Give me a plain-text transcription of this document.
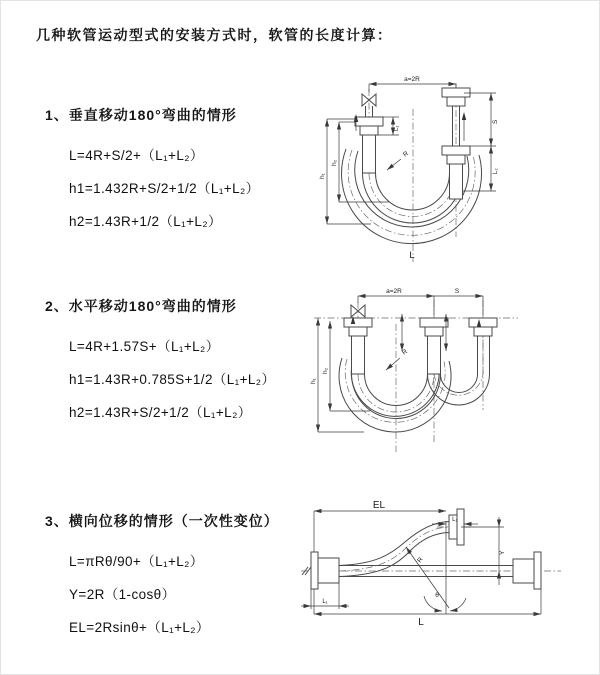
几种软管运动型式的安装方式时，软管的长度计算：
1、垂直移动180°弯曲的情形
L=4R+S/2+（L₁+L₂）
h1=1.432R+S/2+1/2（L₁+L₂）
h2=1.43R+1/2（L₁+L₂）
2、水平移动180°弯曲的情形
L=4R+1.57S+（L₁+L₂）
h1=1.43R+0.785S+1/2（L₁+L₂）
h2=1.43R+S/2+1/2（L₁+L₂）
3、横向位移的情形（一次性变位）
L=πRθ/90+（L₁+L₂）
Y=2R（1-cosθ）
EL=2Rsinθ+（L₁+L₂）
a=2R
h₁
h₂
L₁
S
L₂
R
L
a=2R	S
h₁
h₂
R
EL
L₂
Y
R
θ
L
L₁
